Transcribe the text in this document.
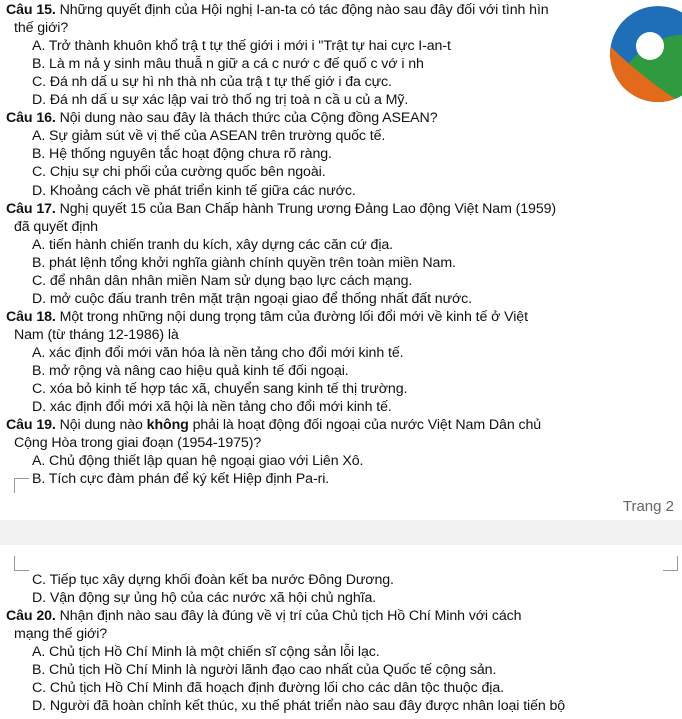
Câu 15. Những quyết định của Hội nghị I-an-ta có tác động nào sau đây đối với tình hìn
thế giới?
A. Trở thành khuôn khổ trậ t tự thế giới i mới i "Trật tự hai cực I-an-t
B. Là m nả y sinh mâu thuẫ n giữ a cá c nướ c đế quố c vớ i nh
C. Đá nh dấ u sự hì nh thà nh của trậ t tự thế giớ i đa cực.
D. Đá nh dấ u sự xác lập vai trò thố ng trị toà n cầ u củ a Mỹ.
Câu 16. Nội dung nào sau đây là thách thức của Cộng đồng ASEAN?
A. Sự giảm sút về vị thế của ASEAN trên trường quốc tế.
B. Hệ thống nguyên tắc hoạt động chưa rõ ràng.
C. Chịu sự chi phối của cường quốc bên ngoài.
D. Khoảng cách về phát triển kinh tế giữa các nước.
Câu 17. Nghị quyết 15 của Ban Chấp hành Trung ương Đảng Lao động Việt Nam (1959)
đã quyết định
A. tiến hành chiến tranh du kích, xây dựng các căn cứ địa.
B. phát lệnh tổng khởi nghĩa giành chính quyền trên toàn miền Nam.
C. để nhân dân nhân miền Nam sử dụng bạo lực cách mạng.
D. mở cuộc đấu tranh trên mặt trận ngoại giao để thống nhất đất nước.
Câu 18. Một trong những nội dung trọng tâm của đường lối đổi mới về kinh tế ở Việt
Nam (từ tháng 12-1986) là
A. xác định đổi mới văn hóa là nền tảng cho đổi mới kinh tế.
B. mở rộng và nâng cao hiệu quả kinh tế đối ngoại.
C. xóa bỏ kinh tế hợp tác xã, chuyển sang kinh tế thị trường.
D. xác định đổi mới xã hội là nền tảng cho đổi mới kinh tế.
Câu 19. Nội dung nào không phải là hoạt động đối ngoại của nước Việt Nam Dân chủ
Cộng Hòa trong giai đoạn (1954-1975)?
A. Chủ động thiết lập quan hệ ngoại giao với Liên Xô.
B. Tích cực đàm phán để ký kết Hiệp định Pa-ri.
Trang 2
C. Tiếp tục xây dựng khối đoàn kết ba nước Đông Dương.
D. Vận động sự ủng hộ của các nước xã hội chủ nghĩa.
Câu 20. Nhận định nào sau đây là đúng về vị trí của Chủ tịch Hồ Chí Minh với cách
mạng thế giới?
A. Chủ tịch Hồ Chí Minh là một chiến sĩ cộng sản lỗi lạc.
B. Chủ tịch Hồ Chí Minh là người lãnh đạo cao nhất của Quốc tế cộng sản.
C. Chủ tịch Hồ Chí Minh đã hoạch định đường lối cho các dân tộc thuộc địa.
D. Người đã hoàn chỉnh kết thúc, xu thế phát triển nào sau đây được nhân loại tiến bộ
